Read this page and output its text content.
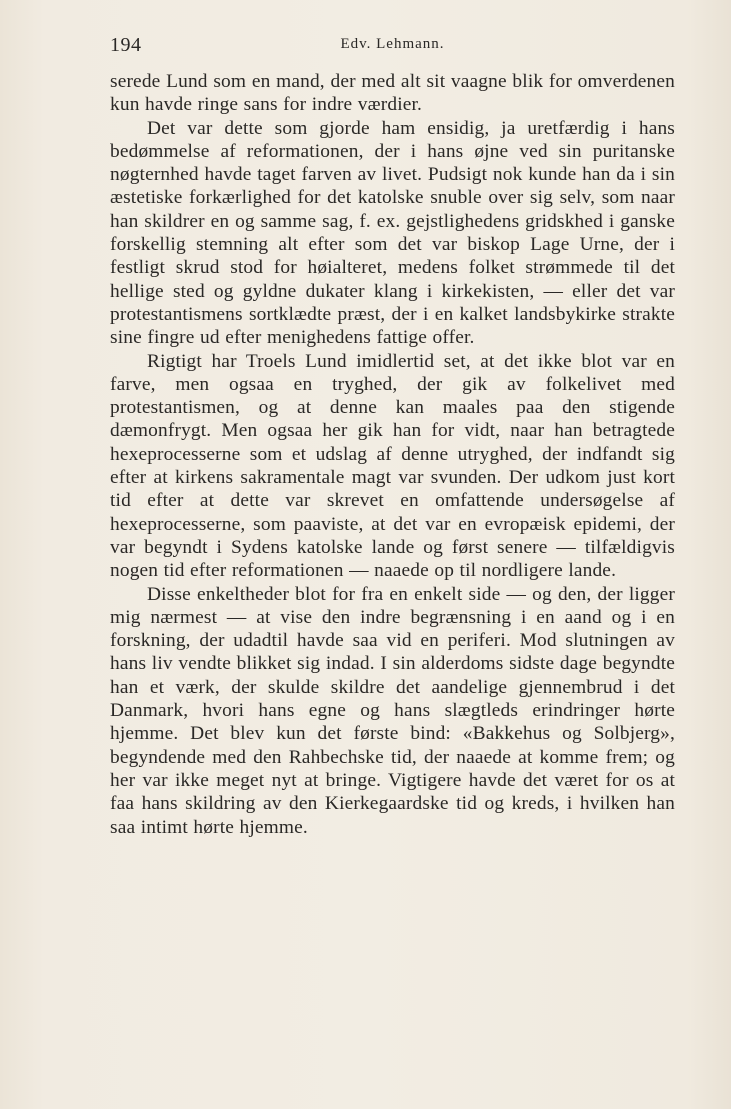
194	Edv. Lehmann.

serede Lund som en mand, der med alt sit vaagne blik for omverdenen kun havde ringe sans for indre værdier.

Det var dette som gjorde ham ensidig, ja uretfærdig i hans bedømmelse af reformationen, der i hans øjne ved sin puritanske nøgternhed havde taget farven av livet. Pudsigt nok kunde han da i sin æstetiske forkærlighed for det katolske snuble over sig selv, som naar han skildrer en og samme sag, f. ex. gejstlighedens gridskhed i ganske forskellig stemning alt efter som det var biskop Lage Urne, der i festligt skrud stod for høialteret, medens folket strømmede til det hellige sted og gyldne dukater klang i kirkekisten, — eller det var protestantismens sortklædte præst, der i en kalket landsbykirke strakte sine fingre ud efter menighedens fattige offer.

Rigtigt har Troels Lund imidlertid set, at det ikke blot var en farve, men ogsaa en tryghed, der gik av folkelivet med protestantismen, og at denne kan maales paa den stigende dæmonfrygt. Men ogsaa her gik han for vidt, naar han betragtede hexeprocesserne som et udslag af denne utryghed, der indfandt sig efter at kirkens sakramentale magt var svunden. Der udkom just kort tid efter at dette var skrevet en omfattende undersøgelse af hexeprocesserne, som paaviste, at det var en evropæisk epidemi, der var begyndt i Sydens katolske lande og først senere — tilfældigvis nogen tid efter reformationen — naaede op til nordligere lande.

Disse enkeltheder blot for fra en enkelt side — og den, der ligger mig nærmest — at vise den indre begrænsning i en aand og i en forskning, der udadtil havde saa vid en periferi. Mod slutningen av hans liv vendte blikket sig indad. I sin alderdoms sidste dage begyndte han et værk, der skulde skildre det aandelige gjennembrud i det Danmark, hvori hans egne og hans slægtleds erindringer hørte hjemme. Det blev kun det første bind: «Bakkehus og Solbjerg», begyndende med den Rahbechske tid, der naaede at komme frem; og her var ikke meget nyt at bringe. Vigtigere havde det været for os at faa hans skildring av den Kierkegaardske tid og kreds, i hvilken han saa intimt hørte hjemme.
